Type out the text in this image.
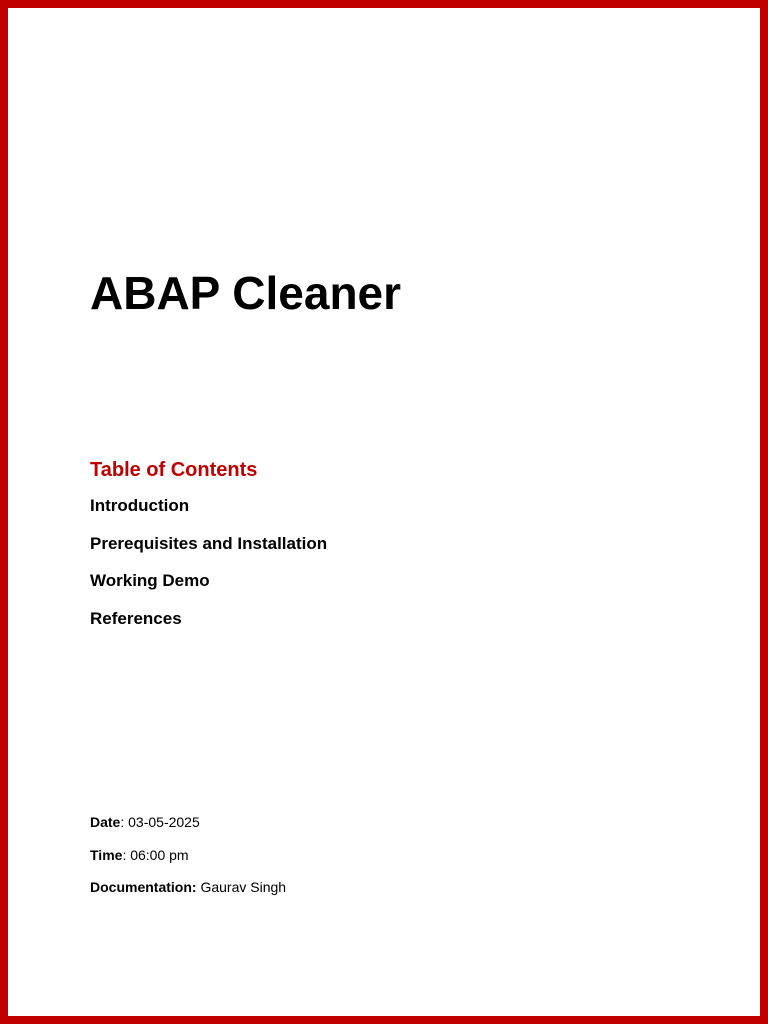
ABAP Cleaner
Table of Contents
Introduction
Prerequisites and Installation
Working Demo
References
Date: 03-05-2025
Time: 06:00 pm
Documentation: Gaurav Singh
